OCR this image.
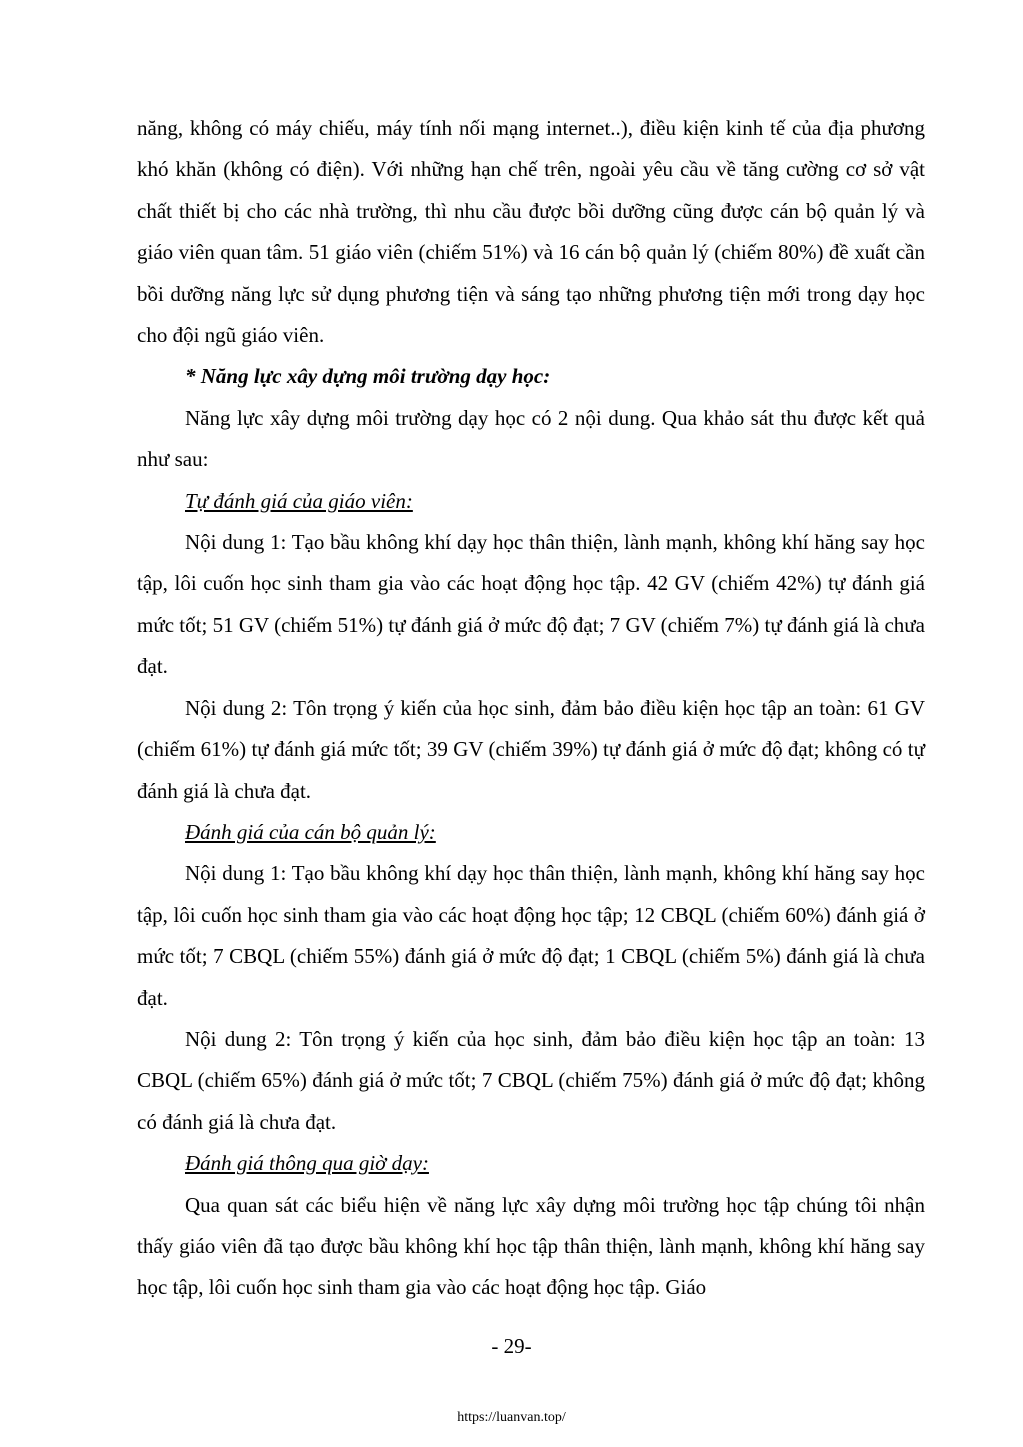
năng, không có máy chiếu, máy tính nối mạng internet..), điều kiện kinh tế của địa phương khó khăn (không có điện). Với những hạn chế trên, ngoài yêu cầu về tăng cường cơ sở vật chất thiết bị cho các nhà trường, thì nhu cầu được bồi dưỡng cũng được cán bộ quản lý và giáo viên quan tâm. 51 giáo viên (chiếm 51%) và 16 cán bộ quản lý (chiếm 80%) đề xuất cần bồi dưỡng năng lực sử dụng phương tiện và sáng tạo những phương tiện mới trong dạy học cho đội ngũ giáo viên.

* Năng lực xây dựng môi trường dạy học:

Năng lực xây dựng môi trường dạy học có 2 nội dung. Qua khảo sát thu được kết quả như sau:

Tự đánh giá của giáo viên:

Nội dung 1: Tạo bầu không khí dạy học thân thiện, lành mạnh, không khí hăng say học tập, lôi cuốn học sinh tham gia vào các hoạt động học tập. 42 GV (chiếm 42%) tự đánh giá mức tốt; 51 GV (chiếm 51%) tự đánh giá ở mức độ đạt; 7 GV (chiếm 7%) tự đánh giá là chưa đạt.

Nội dung 2: Tôn trọng ý kiến của học sinh, đảm bảo điều kiện học tập an toàn: 61 GV (chiếm 61%) tự đánh giá mức tốt; 39 GV (chiếm 39%) tự đánh giá ở mức độ đạt; không có tự đánh giá là chưa đạt.

Đánh giá của cán bộ quản lý:

Nội dung 1: Tạo bầu không khí dạy học thân thiện, lành mạnh, không khí hăng say học tập, lôi cuốn học sinh tham gia vào các hoạt động học tập; 12 CBQL (chiếm 60%) đánh giá ở mức tốt; 7 CBQL (chiếm 55%) đánh giá ở mức độ đạt; 1 CBQL (chiếm 5%) đánh giá là chưa đạt.

Nội dung 2: Tôn trọng ý kiến của học sinh, đảm bảo điều kiện học tập an toàn: 13 CBQL (chiếm 65%) đánh giá ở mức tốt; 7 CBQL (chiếm 75%) đánh giá ở mức độ đạt; không có đánh giá là chưa đạt.

Đánh giá thông qua giờ dạy:

Qua quan sát các biểu hiện về năng lực xây dựng môi trường học tập chúng tôi nhận thấy giáo viên đã tạo được bầu không khí học tập thân thiện, lành mạnh, không khí hăng say học tập, lôi cuốn học sinh tham gia vào các hoạt động học tập. Giáo

- 29-
https://luanvan.top/
